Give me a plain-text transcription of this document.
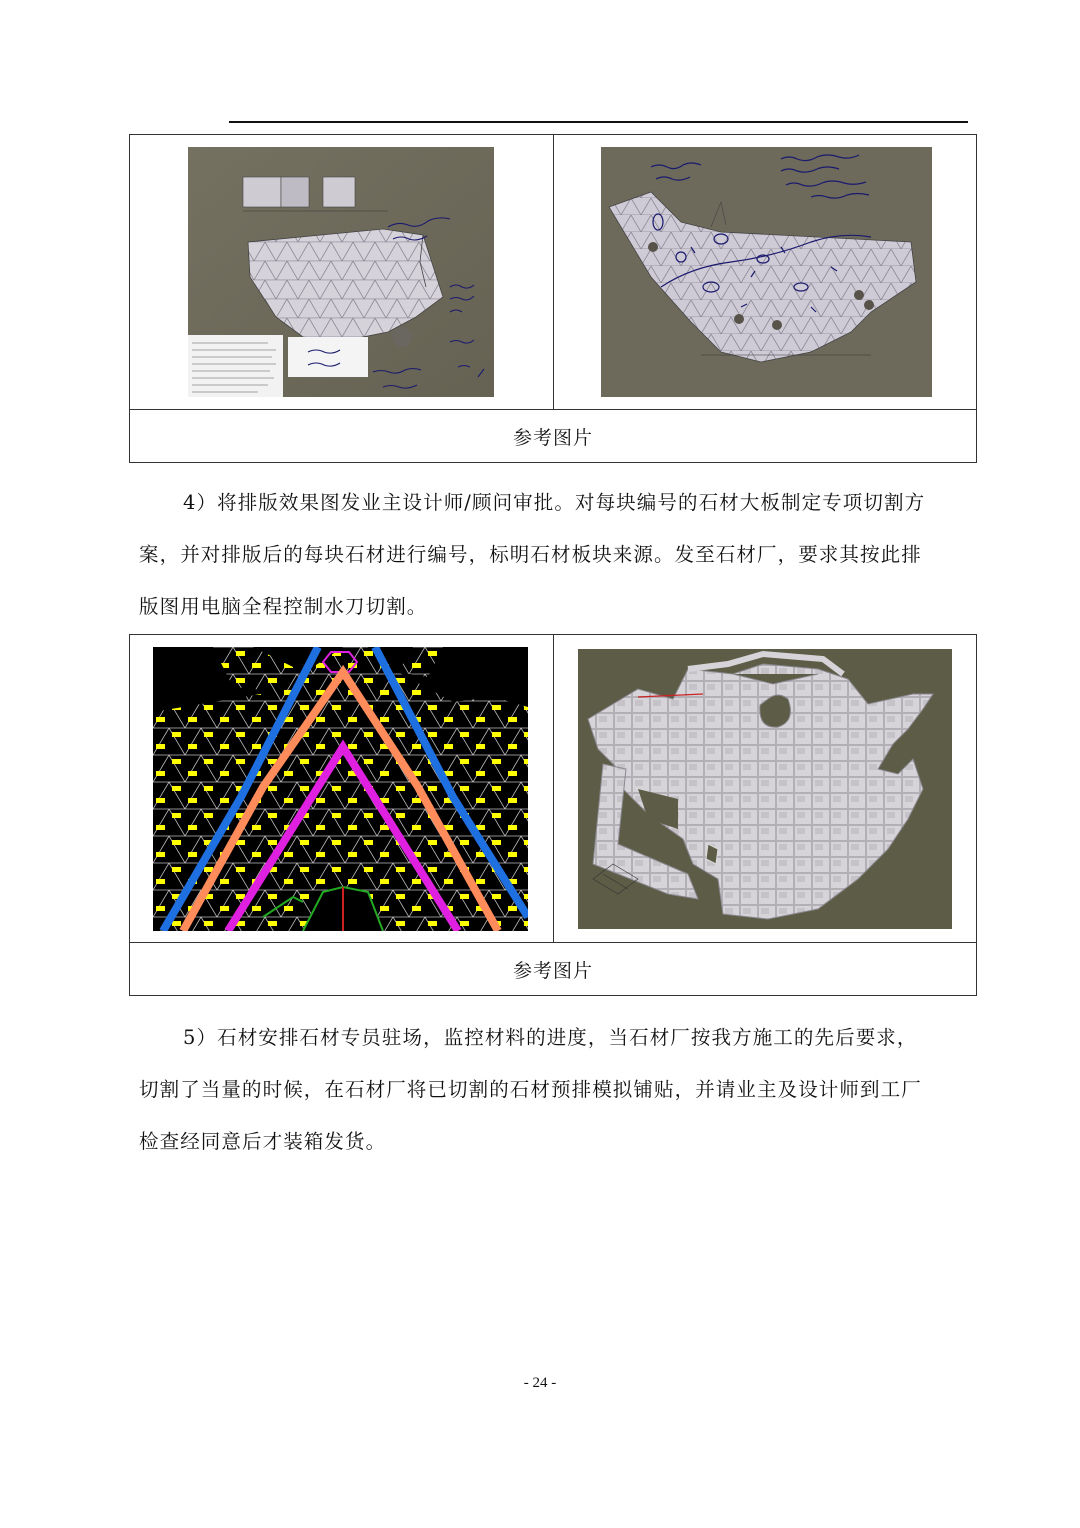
参考图片

4）将排版效果图发业主设计师/顾问审批。对每块编号的石材大板制定专项切割方

案，并对排版后的每块石材进行编号，标明石材板块来源。发至石材厂，要求其按此排

版图用电脑全程控制水刀切割。

参考图片

5）石材安排石材专员驻场，监控材料的进度，当石材厂按我方施工的先后要求，

切割了当量的时候，在石材厂将已切割的石材预排模拟铺贴，并请业主及设计师到工厂

检查经同意后才装箱发货。

- 24 -
